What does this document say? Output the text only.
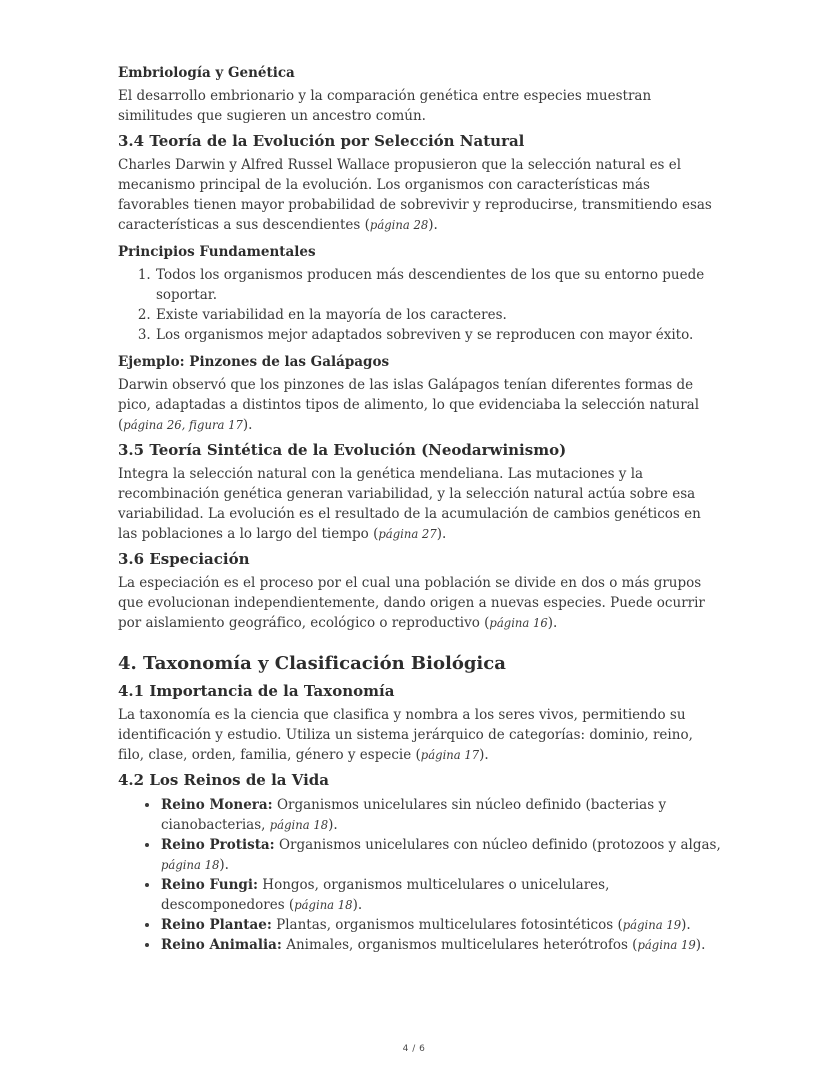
Embriología y Genética

El desarrollo embrionario y la comparación genética entre especies muestran similitudes que sugieren un ancestro común.

3.4 Teoría de la Evolución por Selección Natural

Charles Darwin y Alfred Russel Wallace propusieron que la selección natural es el mecanismo principal de la evolución. Los organismos con características más favorables tienen mayor probabilidad de sobrevivir y reproducirse, transmitiendo esas características a sus descendientes (página 28).

Principios Fundamentales
1. Todos los organismos producen más descendientes de los que su entorno puede soportar.
2. Existe variabilidad en la mayoría de los caracteres.
3. Los organismos mejor adaptados sobreviven y se reproducen con mayor éxito.
Ejemplo: Pinzones de las Galápagos

Darwin observó que los pinzones de las islas Galápagos tenían diferentes formas de pico, adaptadas a distintos tipos de alimento, lo que evidenciaba la selección natural (página 26, figura 17).

3.5 Teoría Sintética de la Evolución (Neodarwinismo)

Integra la selección natural con la genética mendeliana. Las mutaciones y la recombinación genética generan variabilidad, y la selección natural actúa sobre esa variabilidad. La evolución es el resultado de la acumulación de cambios genéticos en las poblaciones a lo largo del tiempo (página 27).

3.6 Especiación

La especiación es el proceso por el cual una población se divide en dos o más grupos que evolucionan independientemente, dando origen a nuevas especies. Puede ocurrir por aislamiento geográfico, ecológico o reproductivo (página 16).

4. Taxonomía y Clasificación Biológica
4.1 Importancia de la Taxonomía

La taxonomía es la ciencia que clasifica y nombra a los seres vivos, permitiendo su identificación y estudio. Utiliza un sistema jerárquico de categorías: dominio, reino, filo, clase, orden, familia, género y especie (página 17).

4.2 Los Reinos de la Vida
• Reino Monera: Organismos unicelulares sin núcleo definido (bacterias y cianobacterias, página 18).
• Reino Protista: Organismos unicelulares con núcleo definido (protozoos y algas, página 18).
• Reino Fungi: Hongos, organismos multicelulares o unicelulares, descomponedores (página 18).
• Reino Plantae: Plantas, organismos multicelulares fotosintéticos (página 19).
• Reino Animalia: Animales, organismos multicelulares heterótrofos (página 19).
4 / 6
